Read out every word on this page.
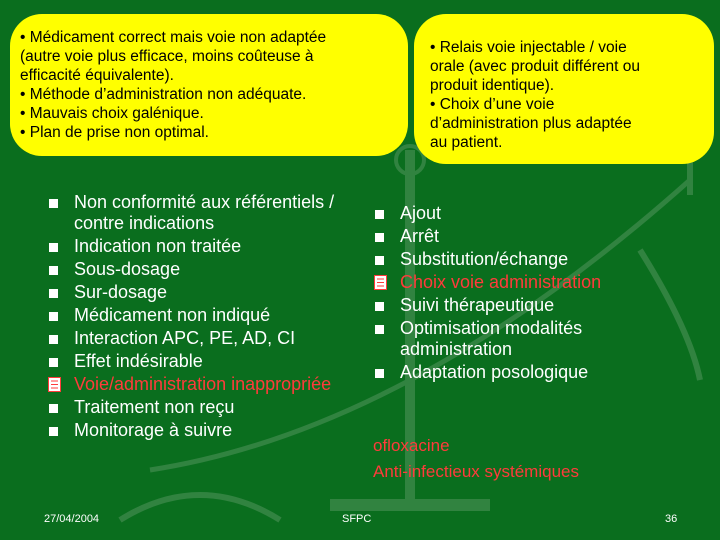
• Médicament correct mais voie non adaptée

(autre voie plus efficace, moins coûteuse à

efficacité équivalente).

• Méthode d’administration non adéquate.

• Mauvais choix galénique.

• Plan de prise non optimal.

• Relais voie injectable / voie

orale (avec produit différent ou

produit identique).

• Choix d’une voie

d’administration plus adaptée

au patient.

Non conformité aux référentiels / contre indications
Indication non traitée
Sous-dosage
Sur-dosage
Médicament non indiqué
Interaction APC, PE, AD, CI
Effet indésirable
Voie/administration inappropriée
Traitement non reçu
Monitorage à suivre
Ajout
Arrêt
Substitution/échange
Choix voie administration
Suivi thérapeutique
Optimisation modalités administration
Adaptation posologique
ofloxacine
Anti-infectieux systémiques
27/04/2004	SFPC	36
